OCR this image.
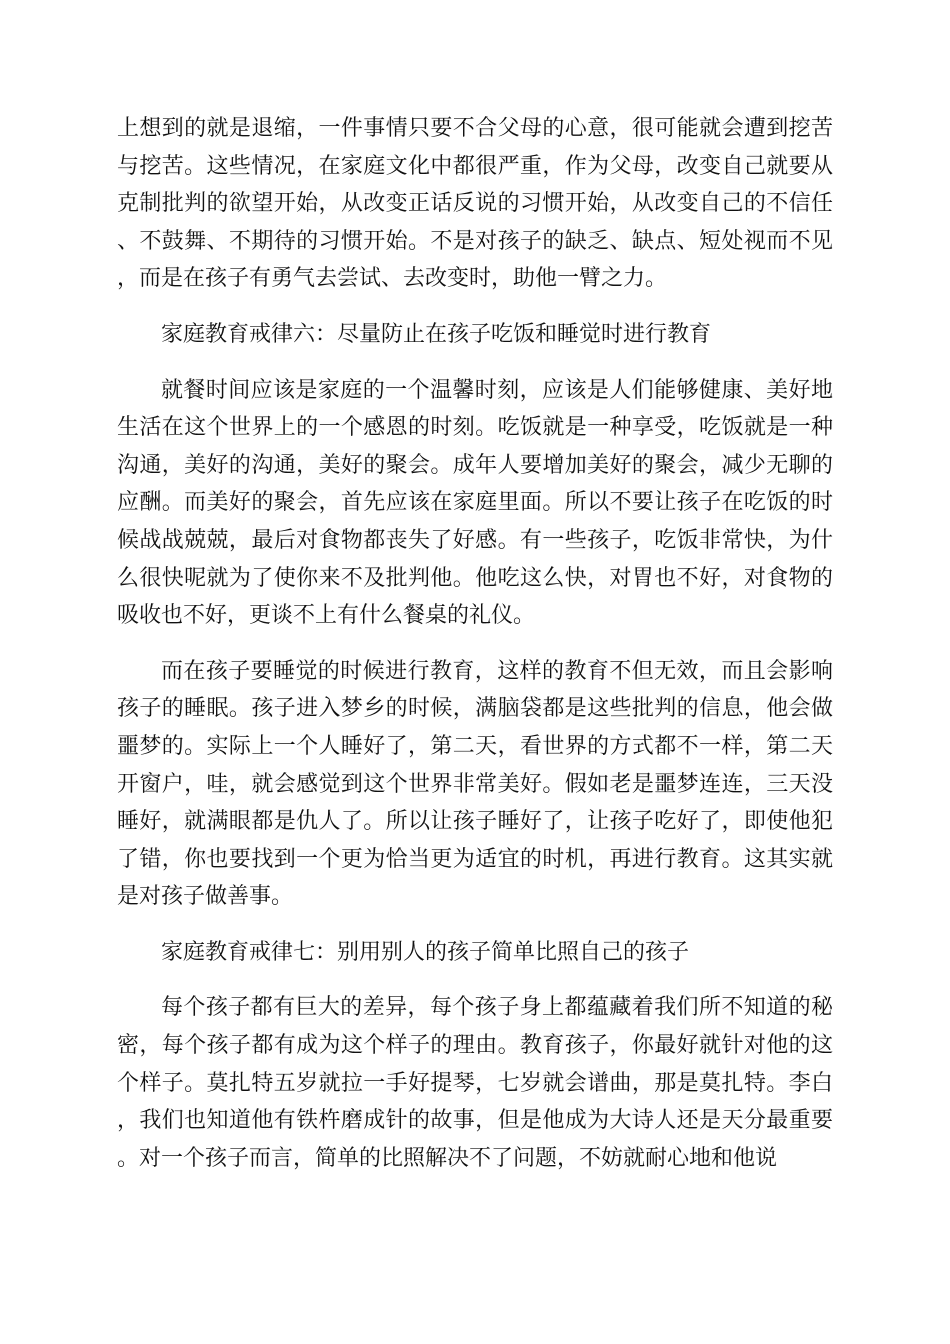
上想到的就是退缩，一件事情只要不合父母的心意，很可能就会遭到挖苦与挖苦。这些情况，在家庭文化中都很严重，作为父母，改变自己就要从克制批判的欲望开始，从改变正话反说的习惯开始，从改变自己的不信任、不鼓舞、不期待的习惯开始。不是对孩子的缺乏、缺点、短处视而不见，而是在孩子有勇气去尝试、去改变时，助他一臂之力。

家庭教育戒律六：尽量防止在孩子吃饭和睡觉时进行教育

就餐时间应该是家庭的一个温馨时刻，应该是人们能够健康、美好地生活在这个世界上的一个感恩的时刻。吃饭就是一种享受，吃饭就是一种沟通，美好的沟通，美好的聚会。成年人要增加美好的聚会，减少无聊的应酬。而美好的聚会，首先应该在家庭里面。所以不要让孩子在吃饭的时候战战兢兢，最后对食物都丧失了好感。有一些孩子，吃饭非常快，为什么很快呢就为了使你来不及批判他。他吃这么快，对胃也不好，对食物的吸收也不好，更谈不上有什么餐桌的礼仪。

而在孩子要睡觉的时候进行教育，这样的教育不但无效，而且会影响孩子的睡眠。孩子进入梦乡的时候，满脑袋都是这些批判的信息，他会做噩梦的。实际上一个人睡好了，第二天，看世界的方式都不一样，第二天开窗户，哇，就会感觉到这个世界非常美好。假如老是噩梦连连，三天没睡好，就满眼都是仇人了。所以让孩子睡好了，让孩子吃好了，即使他犯了错，你也要找到一个更为恰当更为适宜的时机，再进行教育。这其实就是对孩子做善事。

家庭教育戒律七：别用别人的孩子简单比照自己的孩子

每个孩子都有巨大的差异，每个孩子身上都蕴藏着我们所不知道的秘密，每个孩子都有成为这个样子的理由。教育孩子，你最好就针对他的这个样子。莫扎特五岁就拉一手好提琴，七岁就会谱曲，那是莫扎特。李白，我们也知道他有铁杵磨成针的故事，但是他成为大诗人还是天分最重要。对一个孩子而言，简单的比照解决不了问题，不妨就耐心地和他说
